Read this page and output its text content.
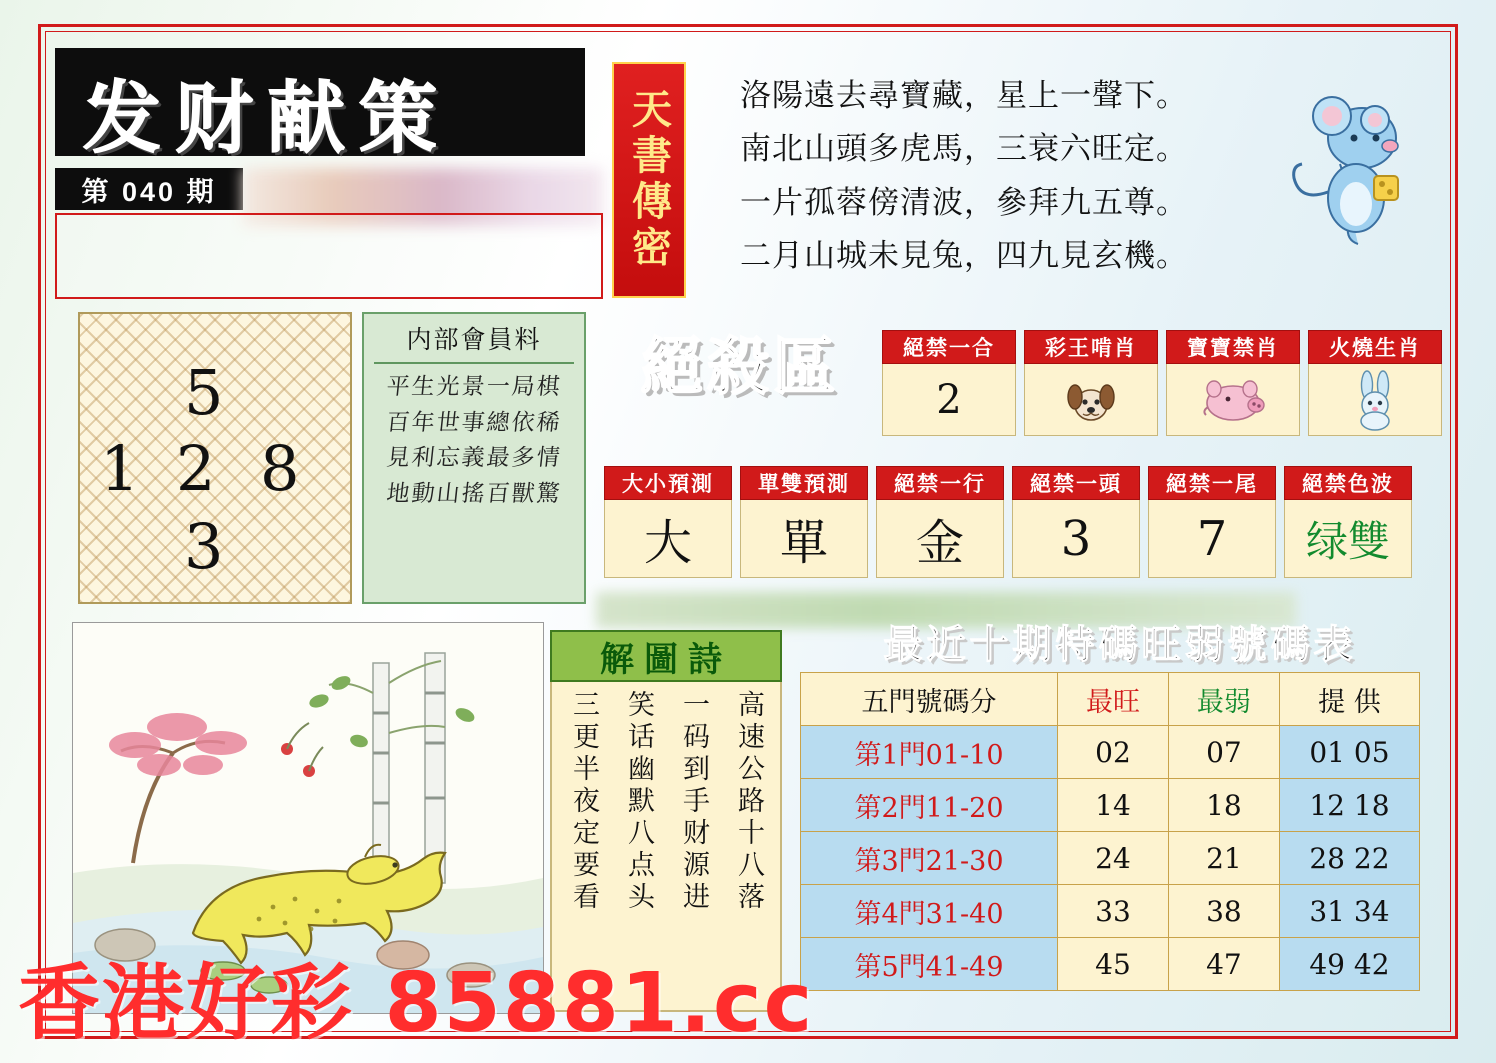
发财献策
第 040 期	天書傳密 洛陽遠去尋寶藏，星上一聲下。
南北山頭多虎馬，三衰六旺定。
一片孤蓉傍清波，參拜九五尊。
二月山城未見兔，四九見玄機。
5
1 2 8
3
内部會員料
平生光景一局棋
百年世事總依稀
見利忘義最多情
地動山搖百獸驚
絕殺區	絕禁一合
2
彩王啃肖	寶寶禁肖	火燒生肖
大小預測
大
單雙預測
單
絕禁一行
金
絕禁一頭
3
絕禁一尾
7
絕禁色波
绿雙
解圖詩
高速公路十八落
一码到手财源进
笑话幽默八点头
三更半夜定要看
最近十期特碼旺弱號碼表
五門號碼分	最旺	最弱	提 供
第1門01-10	02	07	01 05
第2門11-20	14	18	12 18
第3門21-30	24	21	28 22
第4門31-40	33	38	31 34
第5門41-49	45	47	49 42
香港好彩 85881.cc
